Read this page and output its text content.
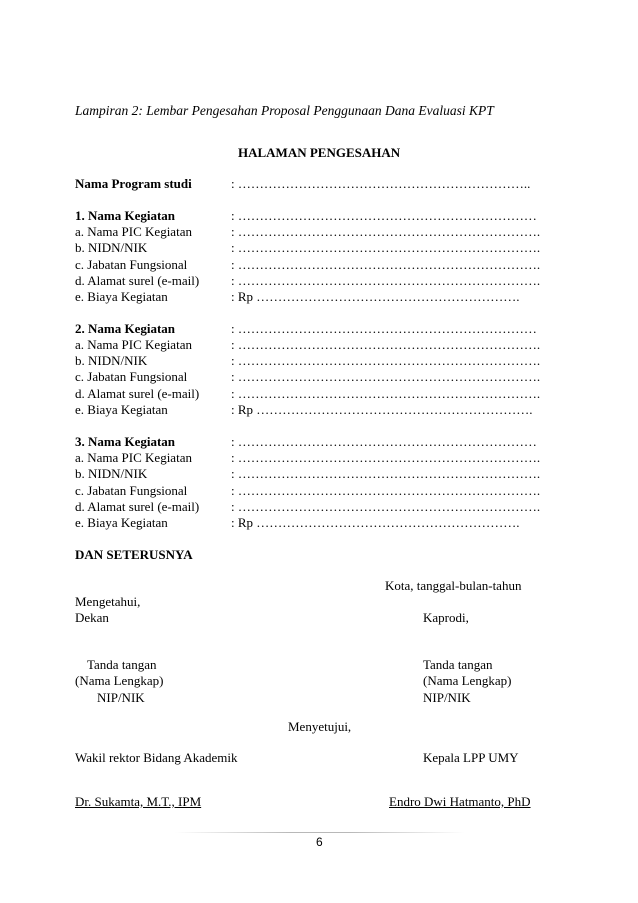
Lampiran 2: Lembar Pengesahan Proposal Penggunaan Dana Evaluasi KPT
HALAMAN PENGESAHAN
Nama Program studi	: …………………………………………………………..
1. Nama Kegiatan	: ……………………………………………………………
a. Nama PIC Kegiatan	: …………………………………………………………….
b. NIDN/NIK	: …………………………………………………………….
c. Jabatan Fungsional	: …………………………………………………………….
d. Alamat surel (e-mail) : …………………………………………………………….
e. Biaya Kegiatan	: Rp …………………………………………………….
2. Nama Kegiatan	: ……………………………………………………………
a. Nama PIC Kegiatan	: …………………………………………………………….
b. NIDN/NIK	: …………………………………………………………….
c. Jabatan Fungsional	: …………………………………………………………….
d. Alamat surel (e-mail) : …………………………………………………………….
e. Biaya Kegiatan	: Rp ……………………………………………………….
3. Nama Kegiatan	: ……………………………………………………………
a. Nama PIC Kegiatan	: …………………………………………………………….
b. NIDN/NIK	: …………………………………………………………….
c. Jabatan Fungsional	: …………………………………………………………….
d. Alamat surel (e-mail) : …………………………………………………………….
e. Biaya Kegiatan	: Rp …………………………………………………….
DAN SETERUSNYA
Kota, tanggal-bulan-tahun
Mengetahui,
Dekan	Kaprodi,
Tanda tangan
(Nama Lengkap)
NIP/NIK
Tanda tangan
(Nama Lengkap)
NIP/NIK
Menyetujui,
Wakil rektor Bidang Akademik	Kepala LPP UMY
Dr. Sukamta, M.T., IPM	Endro Dwi Hatmanto, PhD
6
